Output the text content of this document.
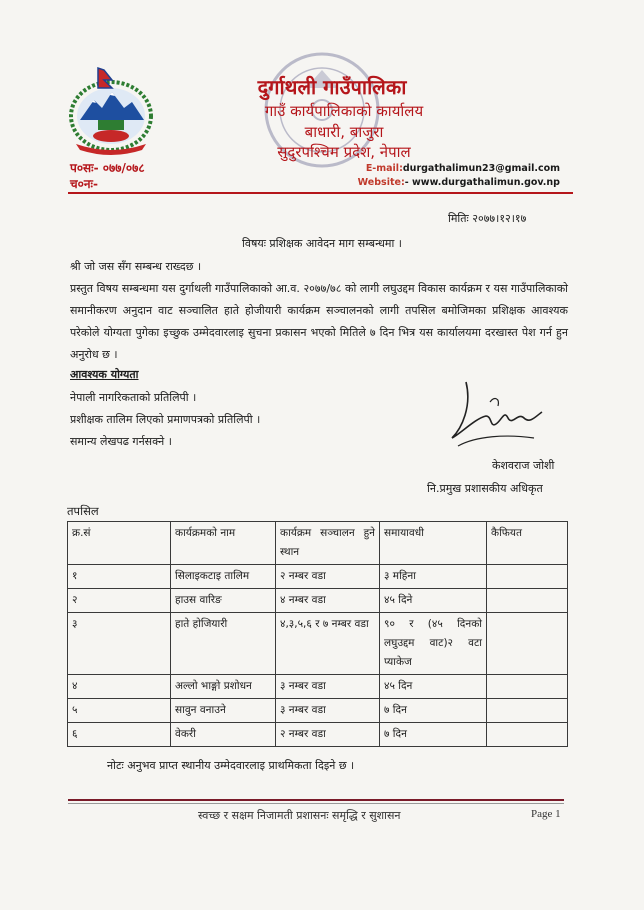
दुर्गाथली गाउँपालिका
गाउँ कार्यपालिकाको कार्यालय
बाधारी, बाजुरा
सुदुरपश्चिम प्रदेश, नेपाल
प०सः- ०७७/०७८
च०नः-
E-mail:durgathalimun23@gmail.com
Website:- www.durgathalimun.gov.np
मितिः २०७७।१२।१७
विषयः प्रशिक्षक आवेदन माग सम्बन्धमा ।
श्री जो जस सँग सम्बन्ध राख्दछ ।
प्रस्तुत विषय सम्बन्धमा यस दुर्गाथली गाउँपालिकाको आ.व. २०७७/७८ को लागी लघुउद्दम विकास कार्यक्रम र यस गाउँपालिकाको समानीकरण अनुदान वाट सञ्चालित हाते होजीयारी कार्यक्रम सञ्चालनको लागी तपसिल बमोजिमका प्रशिक्षक आवश्यक परेकोले योग्यता पुगेका इच्छुक उम्मेदवारलाइ सुचना प्रकासन भएको मितिले ७ दिन भित्र यस कार्यालयमा दरखास्त पेश गर्न हुन अनुरोध छ ।
आवश्यक योग्यता
नेपाली नागरिकताको प्रतिलिपी ।
प्रशीक्षक तालिम लिएको प्रमाणपत्रको प्रतिलिपी ।
समान्य लेखपढ गर्नसक्ने ।
केशवराज जोशी
नि.प्रमुख प्रशासकीय अधिकृत
तपसिल
क्र.सं	कार्यक्रमको नाम	कार्यक्रम सञ्चालन हुने स्थान	समायावधी	कैफियत
१	सिलाइकटाइ तालिम	२ नम्बर वडा	३ महिना	
२	हाउस वारिङ	४ नम्बर वडा	४५ दिने	
३	हाते होजियारी	४,३,५,६ र ७ नम्बर वडा	९० र (४५ दिनको लघुउद्दम वाट)२ वटा प्याकेज	
४	अल्लो भाङ्गो प्रशोधन	३ नम्बर वडा	४५ दिन	
५	सावुन वनाउने	३ नम्बर वडा	७ दिन	
६	वेकरी	२ नम्बर वडा	७ दिन	
नोटः अनुभव प्राप्त स्थानीय उम्मेदवारलाइ प्राथमिकता दिइने छ ।
स्वच्छ र सक्षम निजामती प्रशासनः समृद्धि र सुशासन	Page 1
